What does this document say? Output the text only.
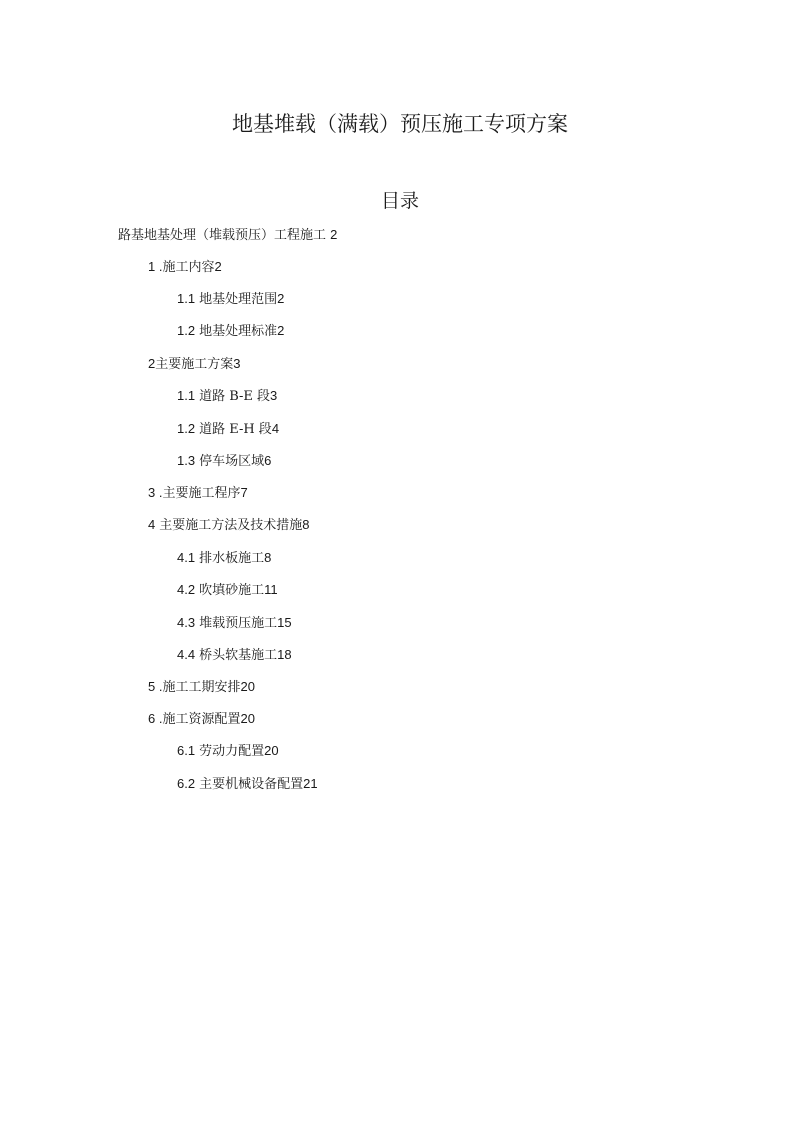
地基堆载（满载）预压施工专项方案
目录
路基地基处理（堆载预压）工程施工 2
1 .施工内容2
1.1 地基处理范围2
1.2 地基处理标准2
2主要施工方案3
1.1 道路 B-E 段3
1.2 道路 E-H 段4
1.3 停车场区域6
3 .主要施工程序7
4 主要施工方法及技术措施8
4.1 排水板施工8
4.2 吹填砂施工11
4.3 堆载预压施工15
4.4 桥头软基施工18
5 .施工工期安排20
6 .施工资源配置20
6.1 劳动力配置20
6.2 主要机械设备配置21
